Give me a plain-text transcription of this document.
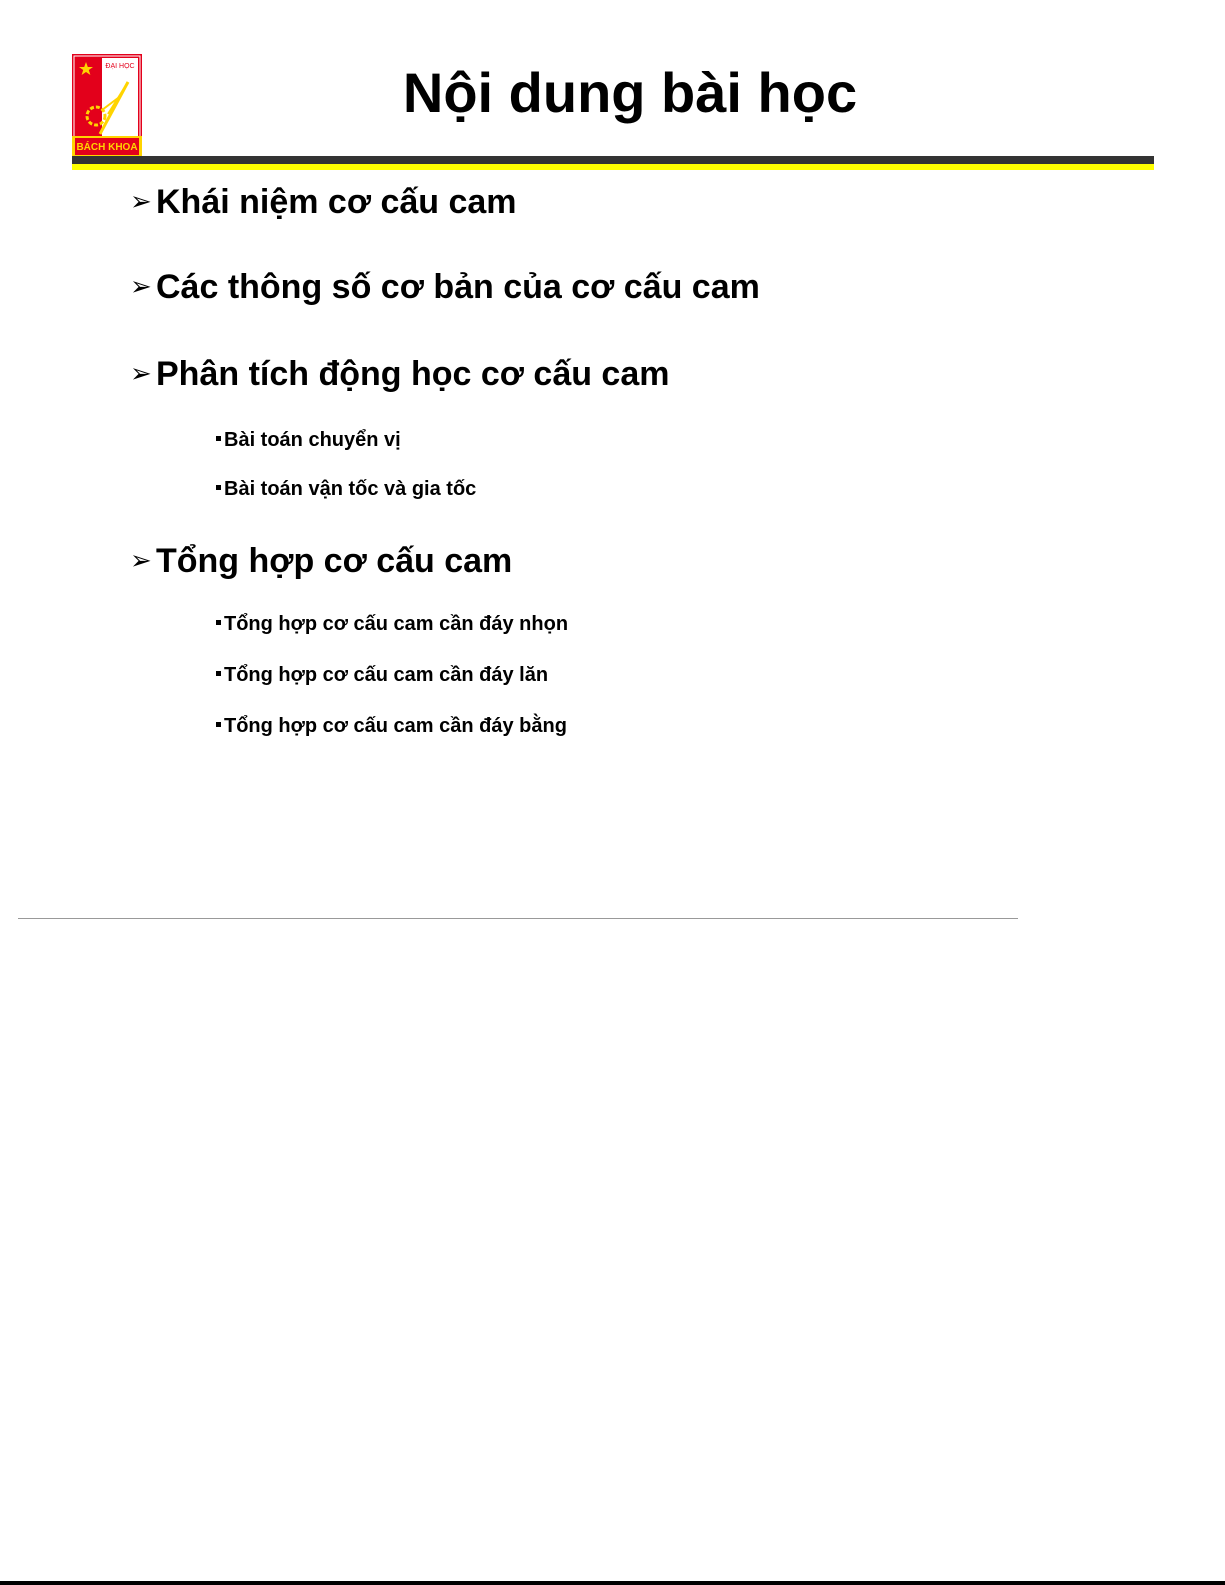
ĐẠI HỌC
BÁCH KHOA
Nội dung bài học
➢ Khái niệm cơ cấu cam
➢ Các thông số cơ bản của cơ cấu cam
➢ Phân tích động học cơ cấu cam
Bài toán chuyển vị
Bài toán vận tốc và gia tốc
➢ Tổng hợp cơ cấu cam
Tổng hợp cơ cấu cam cần đáy nhọn
Tổng hợp cơ cấu cam cần đáy lăn
Tổng hợp cơ cấu cam cần đáy bằng
